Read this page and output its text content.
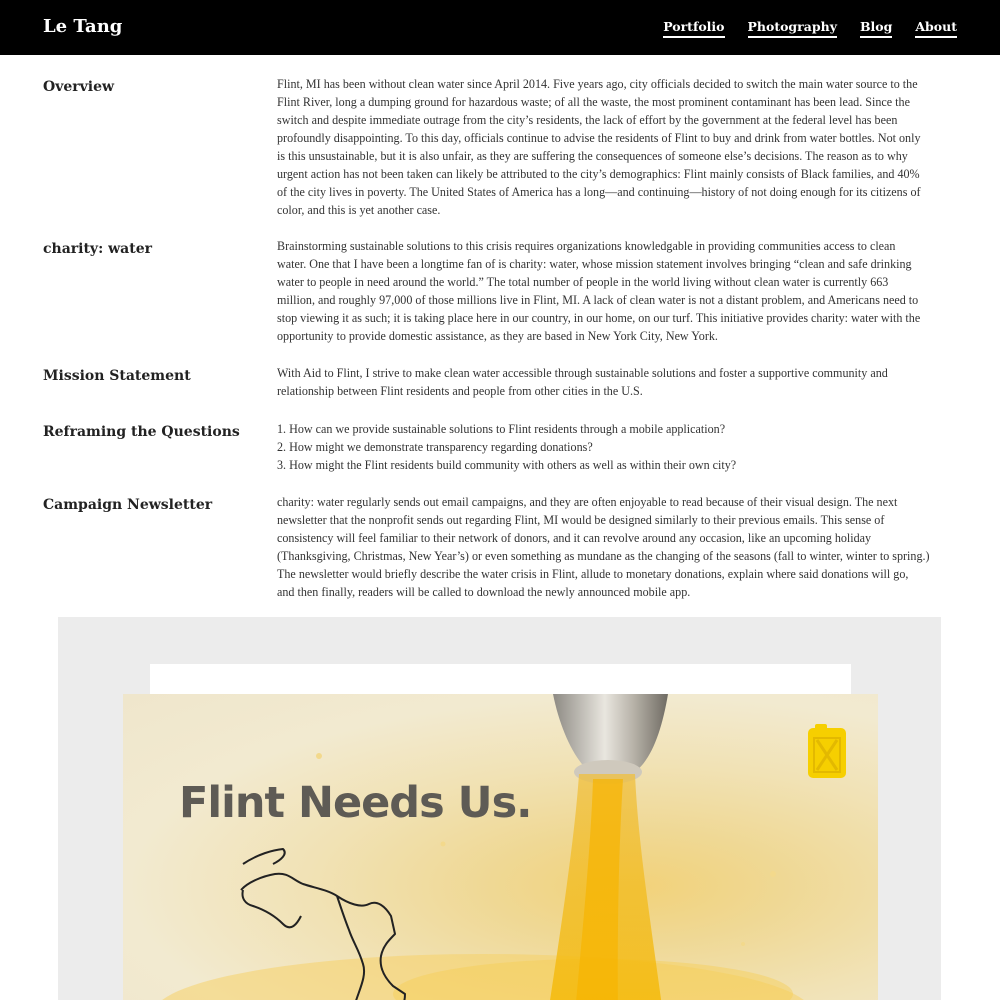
Le Tang	Portfolio Photography Blog About
Overview	Flint, MI has been without clean water since April 2014. Five years ago, city officials decided to switch the main water source to the
Flint River, long a dumping ground for hazardous waste; of all the waste, the most prominent contaminant has been lead. Since the
switch and despite immediate outrage from the city’s residents, the lack of effort by the government at the federal level has been
profoundly disappointing. To this day, officials continue to advise the residents of Flint to buy and drink from water bottles. Not only
is this unsustainable, but it is also unfair, as they are suffering the consequences of someone else’s decisions. The reason as to why
urgent action has not been taken can likely be attributed to the city’s demographics: Flint mainly consists of Black families, and 40%
of the city lives in poverty. The United States of America has a long—and continuing—history of not doing enough for its citizens of
color, and this is yet another case.
charity: water	Brainstorming sustainable solutions to this crisis requires organizations knowledgable in providing communities access to clean
water. One that I have been a longtime fan of is charity: water, whose mission statement involves bringing “clean and safe drinking
water to people in need around the world.” The total number of people in the world living without clean water is currently 663
million, and roughly 97,000 of those millions live in Flint, MI. A lack of clean water is not a distant problem, and Americans need to
stop viewing it as such; it is taking place here in our country, in our home, on our turf. This initiative provides charity: water with the
opportunity to provide domestic assistance, as they are based in New York City, New York.
Mission Statement	With Aid to Flint, I strive to make clean water accessible through sustainable solutions and foster a supportive community and
relationship between Flint residents and people from other cities in the U.S.
Reframing the Questions	1. How can we provide sustainable solutions to Flint residents through a mobile application?
2. How might we demonstrate transparency regarding donations?
3. How might the Flint residents build community with others as well as within their own city?
Campaign Newsletter	charity: water regularly sends out email campaigns, and they are often enjoyable to read because of their visual design. The next
newsletter that the nonprofit sends out regarding Flint, MI would be designed similarly to their previous emails. This sense of
consistency will feel familiar to their network of donors, and it can revolve around any occasion, like an upcoming holiday
(Thanksgiving, Christmas, New Year’s) or even something as mundane as the changing of the seasons (fall to winter, winter to spring.)
The newsletter would briefly describe the water crisis in Flint, allude to monetary donations, explain where said donations will go,
and then finally, readers will be called to download the newly announced mobile app.
Flint Needs Us.
